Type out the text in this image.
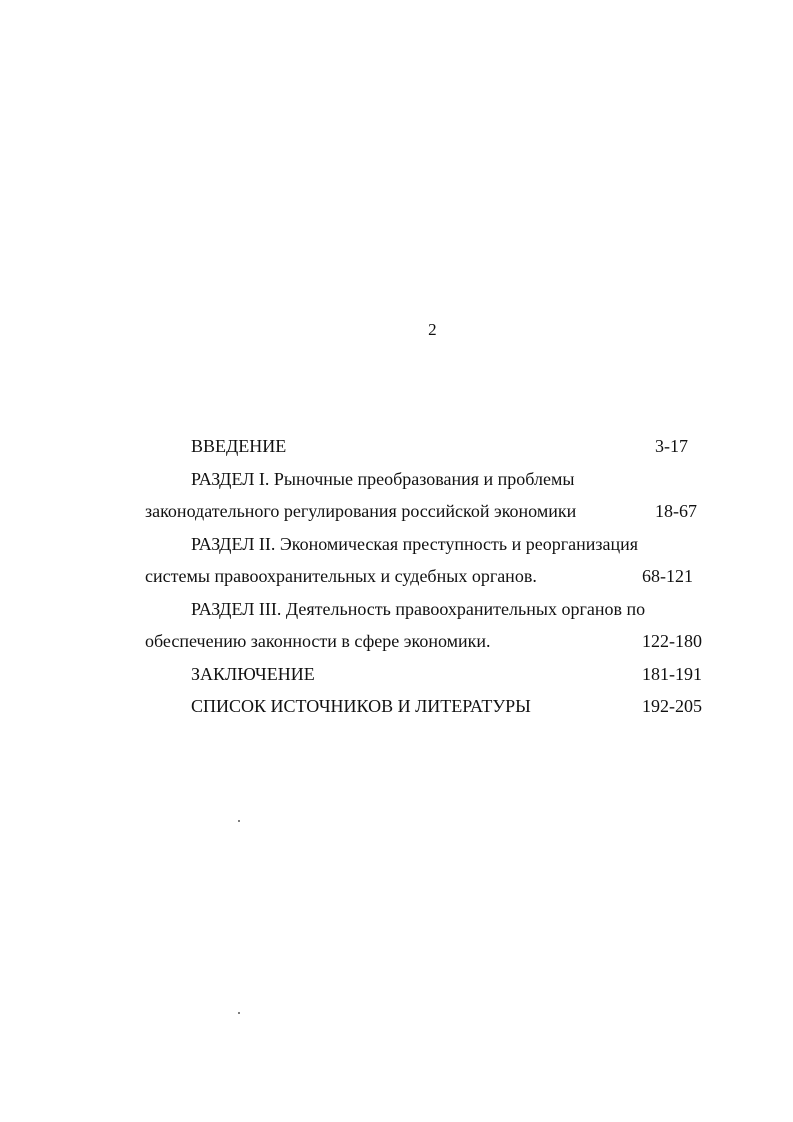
2
ВВЕДЕНИЕ	3-17
РАЗДЕЛ I. Рыночные преобразования и проблемы
законодательного регулирования российской экономики	18-67
РАЗДЕЛ II. Экономическая преступность и реорганизация
системы правоохранительных и судебных органов.	68-121
РАЗДЕЛ III. Деятельность правоохранительных органов по
обеспечению законности в сфере экономики.	122-180
ЗАКЛЮЧЕНИЕ	181-191
СПИСОК ИСТОЧНИКОВ И ЛИТЕРАТУРЫ	192-205
